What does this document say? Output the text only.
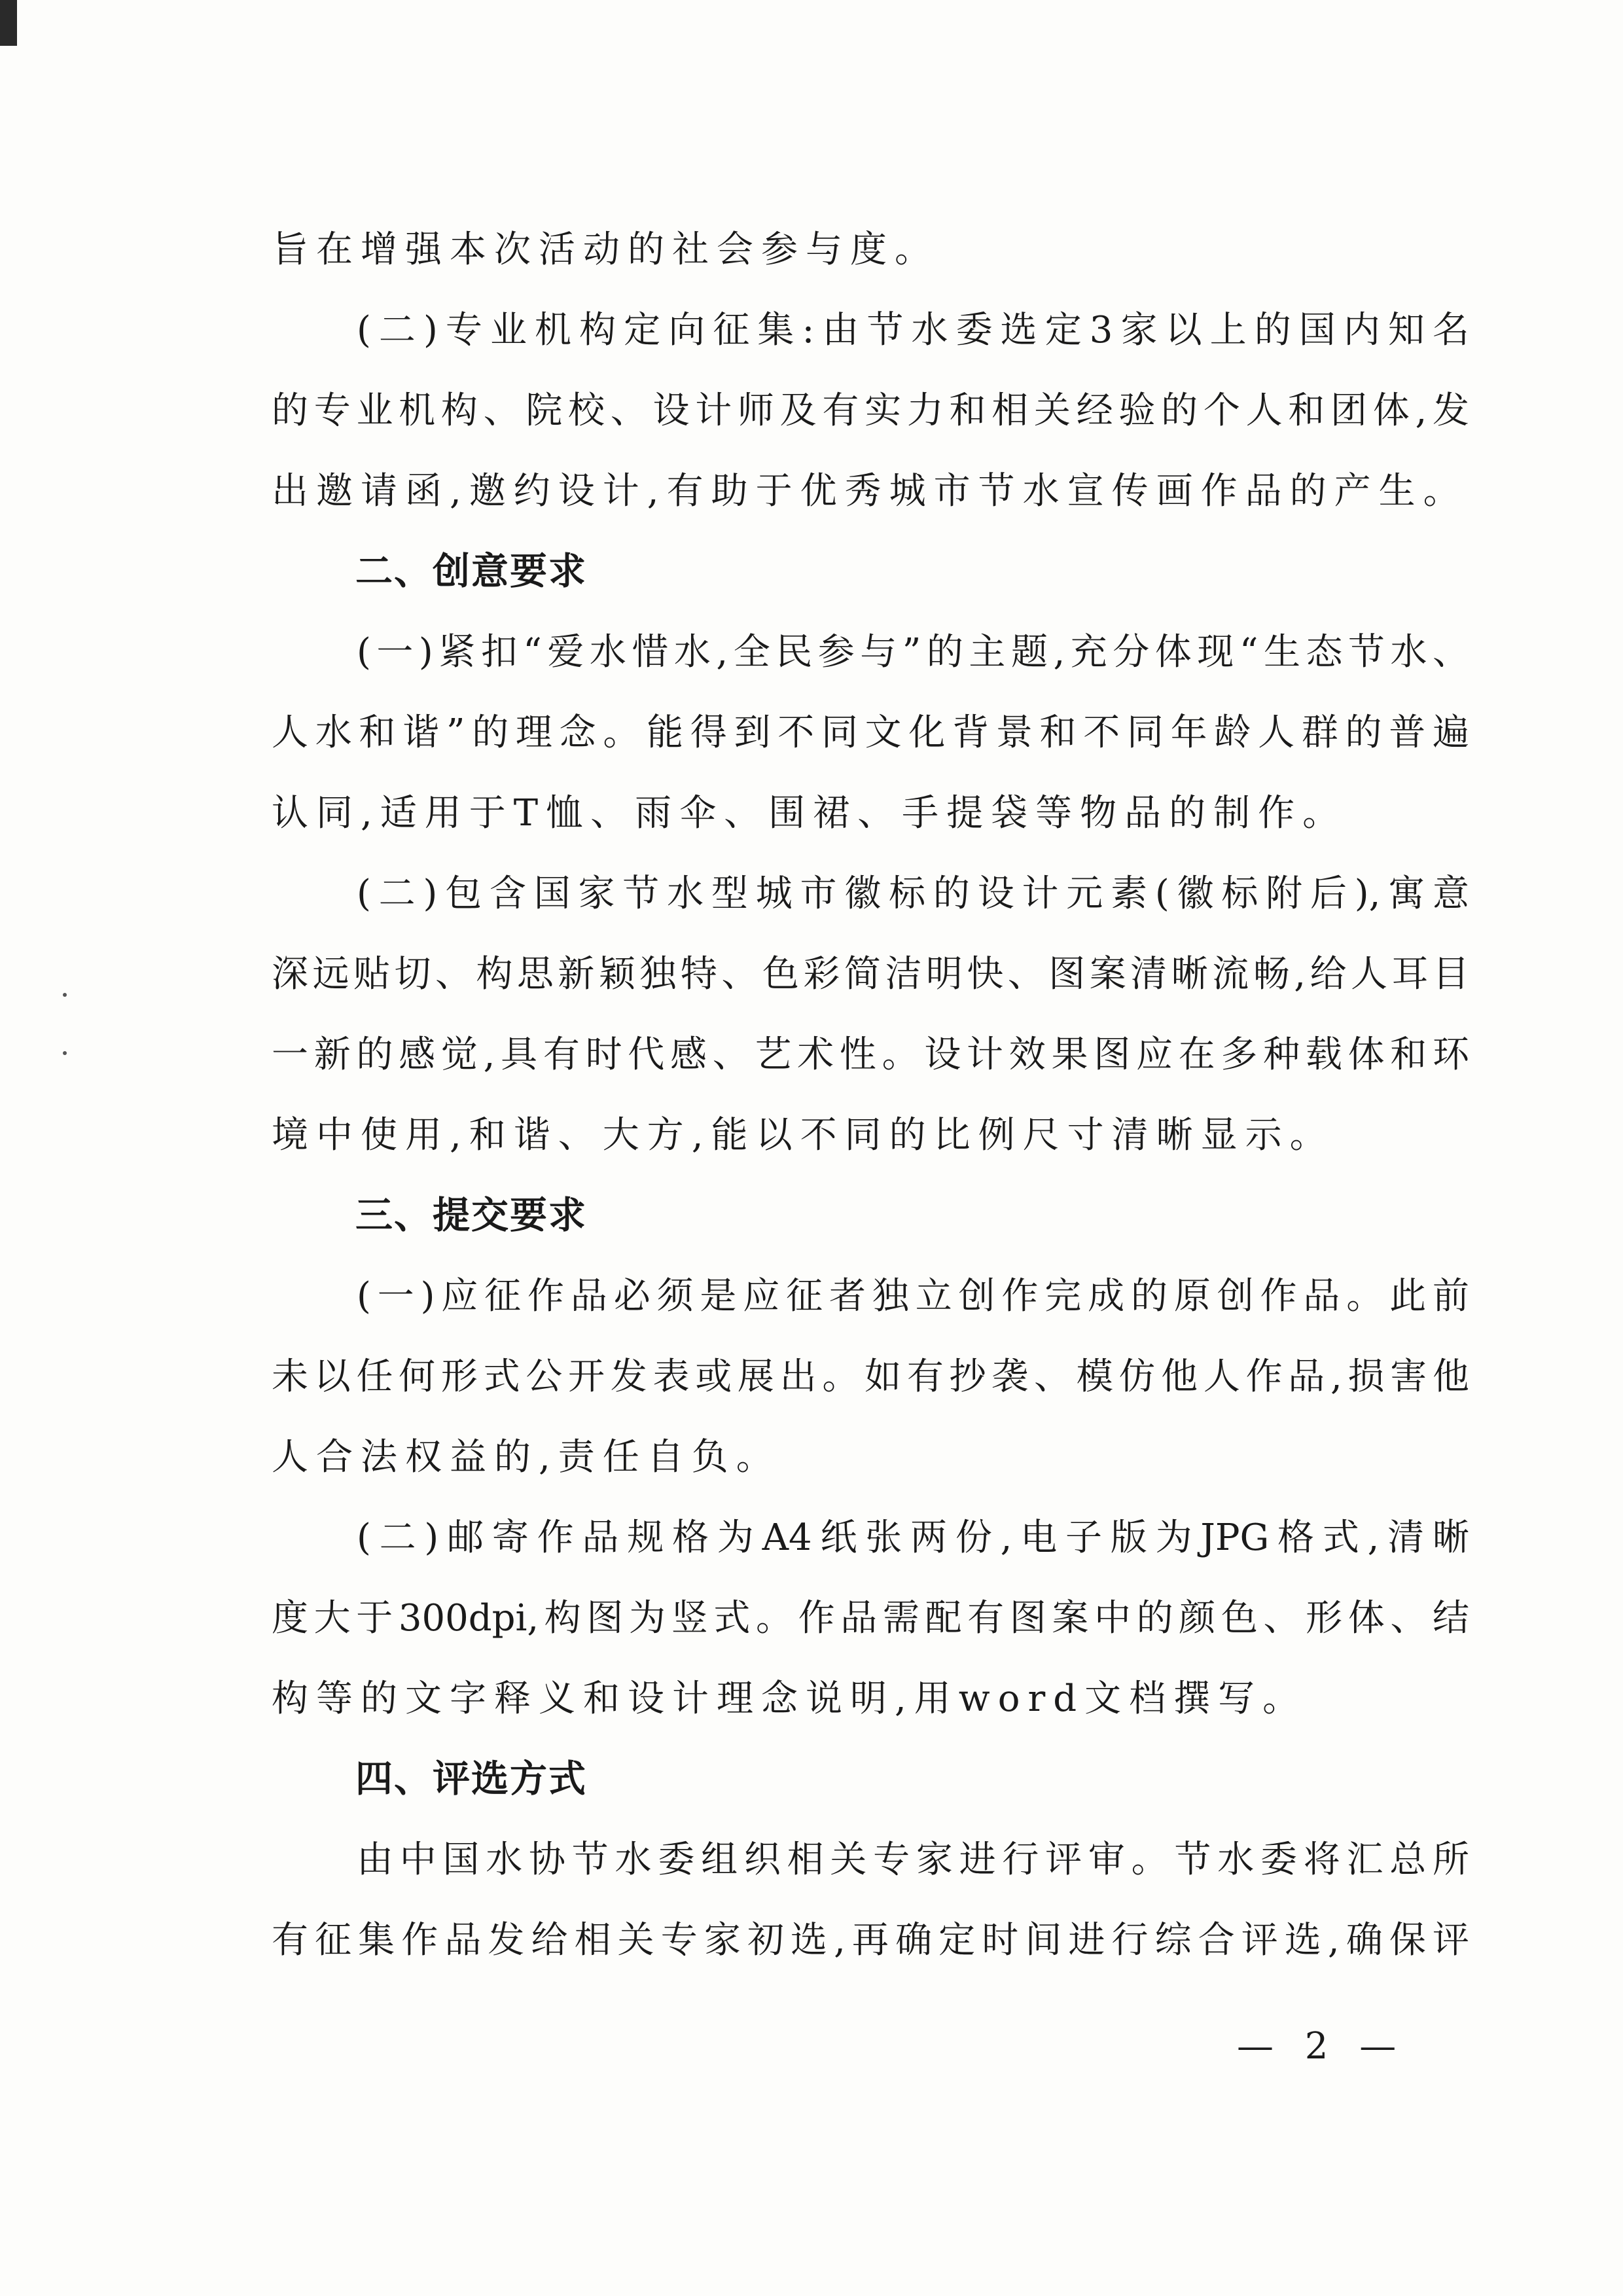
旨在增强本次活动的社会参与度。
(二)专业机构定向征集:由节水委选定3家以上的国内知名
的专业机构、院校、设计师及有实力和相关经验的个人和团体,发
出邀请函,邀约设计,有助于优秀城市节水宣传画作品的产生。
二、创意要求
(一)紧扣“爱水惜水,全民参与”的主题,充分体现“生态节水、
人水和谐”的理念。能得到不同文化背景和不同年龄人群的普遍
认同,适用于T恤、雨伞、围裙、手提袋等物品的制作。
(二)包含国家节水型城市徽标的设计元素(徽标附后),寓意
深远贴切、构思新颖独特、色彩简洁明快、图案清晰流畅,给人耳目
一新的感觉,具有时代感、艺术性。设计效果图应在多种载体和环
境中使用,和谐、大方,能以不同的比例尺寸清晰显示。
三、提交要求
(一)应征作品必须是应征者独立创作完成的原创作品。此前
未以任何形式公开发表或展出。如有抄袭、模仿他人作品,损害他
人合法权益的,责任自负。
(二)邮寄作品规格为A4纸张两份,电子版为JPG格式,清晰
度大于300dpi,构图为竖式。作品需配有图案中的颜色、形体、结
构等的文字释义和设计理念说明,用word文档撰写。
四、评选方式
由中国水协节水委组织相关专家进行评审。节水委将汇总所
有征集作品发给相关专家初选,再确定时间进行综合评选,确保评
— 2 —
